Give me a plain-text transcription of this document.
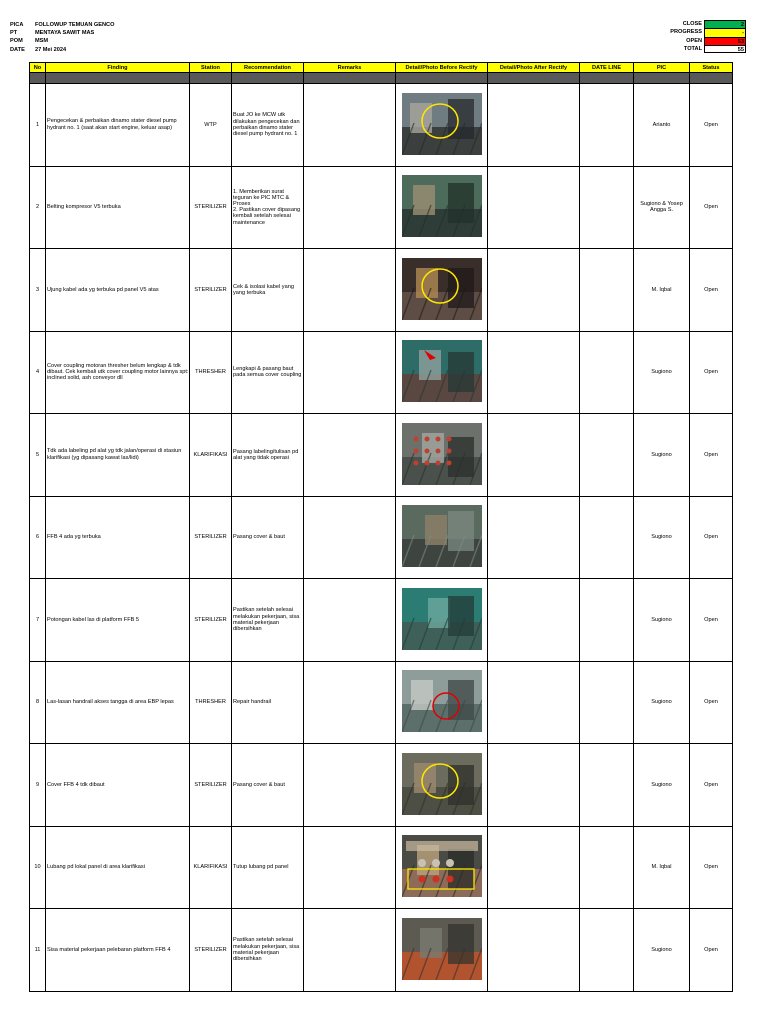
PICA	FOLLOWUP TEMUAN GENCO
PT	MENTAYA SAWIT MAS
POM	MSM
DATE	27 Mei 2024
CLOSE	2
PROGRESS	-
OPEN	53
TOTAL	55
No	Finding	Station	Recommendation	Remarks	Detail/Photo Before Rectify	Detail/Photo After Rectify	DATE LINE	PIC	Status

1	Pengecekan & perbaikan dinamo stater diesel pump hydrant no. 1 (saat akan start engine, keluar asap)	WTP	Buat JO ke MCW utk dilakukan pengecekan dan perbaikan dinamo stater diesel pump hydrant no. 1					Arianto	Open
2	Belting kompresor V5 terbuka	STERILIZER	1. Memberikan surat teguran ke PIC MTC & Proses
2. Pastikan cover dipasang kembali setelah selesai maintenance					Sugiono & Yosep Angga S.	Open
3	Ujung kabel ada yg terbuka pd panel V5 atas	STERILIZER	Cek & isolasi kabel yang yang terbuka					M. Iqbal	Open
4	Cover coupling motoran thresher belum lengkap & tdk dibaut. Cek kembali utk cover coupling motor lainnya spt: inclined solid, ash conveyor dll	THRESHER	Lengkapi & pasang baut pada semua cover coupling					Sugiono	Open
5	Tdk ada labeling pd alat yg tdk jalan/operasi di stasiun klarifikasi (yg dipasang kawat las/lidi)	KLARIFIKASI	Pasang labeling/tulisan pd alat yang tidak operasi					Sugiono	Open
6	FFB 4 ada yg terbuka	STERILIZER	Pasang cover & baut					Sugiono	Open
7	Potongan kabel las di platform FFB 5	STERILIZER	Pastikan setelah selesai melakukan pekerjaan, sisa material pekerjaan dibersihkan					Sugiono	Open
8	Las-lasan handrail akses tangga di area EBP lepas	THRESHER	Repair handrail					Sugiono	Open
9	Cover FFB 4 tdk dibaut	STERILIZER	Pasang cover & baut					Sugiono	Open
10	Lubang pd lokal panel di area klarifikasi	KLARIFIKASI	Tutup lubang pd panel					M. Iqbal	Open
11	Sisa material pekerjaan pelebaran platform FFB 4	STERILIZER	Pastikan setelah selesai melakukan pekerjaan, sisa material pekerjaan dibersihkan					Sugiono	Open
